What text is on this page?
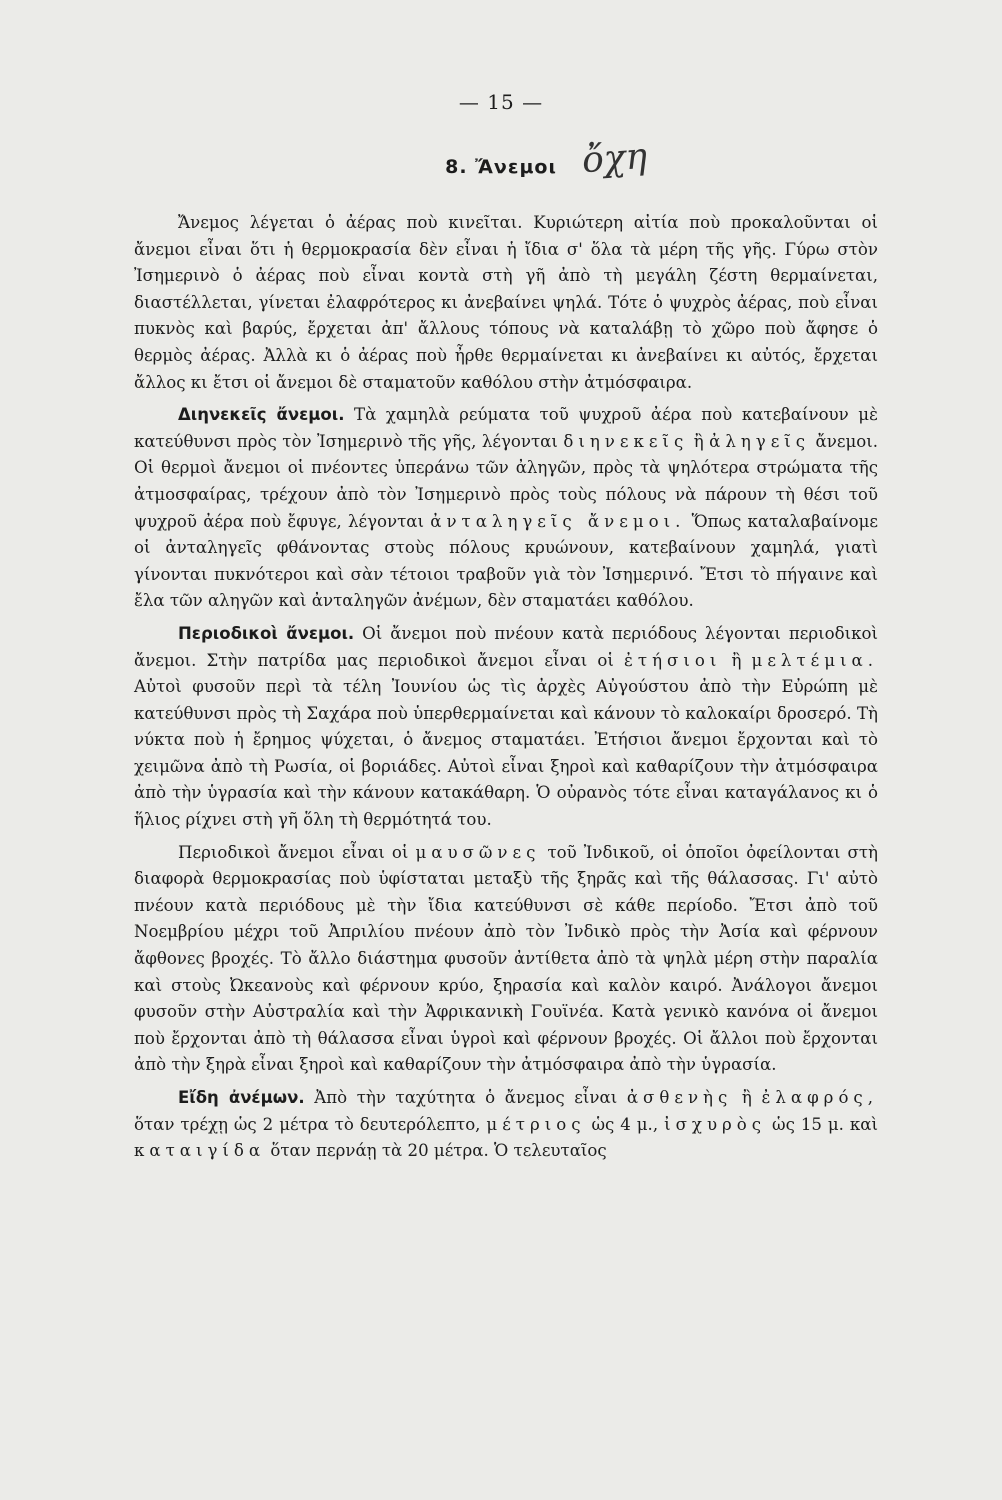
— 15 —
8. Ἄνεμοι ὄχη

Ἄνεμος λέγεται ὁ ἀέρας ποὺ κινεῖται. Κυριώτερη αἰτία ποὺ προκαλοῦνται οἱ ἄνεμοι εἶναι ὅτι ἡ θερμοκρασία δὲν εἶναι ἡ ἴδια σ' ὅλα τὰ μέρη τῆς γῆς. Γύρω στὸν Ἰσημερινὸ ὁ ἀέρας ποὺ εἶναι κοντὰ στὴ γῆ ἀπὸ τὴ μεγάλη ζέστη θερμαίνεται, διαστέλλεται, γίνεται ἐλαφρότερος κι ἀνεβαίνει ψηλά. Τότε ὁ ψυχρὸς ἀέρας, ποὺ εἶναι πυκνὸς καὶ βαρύς, ἔρχεται ἀπ' ἄλλους τόπους νὰ καταλάβῃ τὸ χῶρο ποὺ ἄφησε ὁ θερμὸς ἀέρας. Ἀλλὰ κι ὁ ἀέρας ποὺ ἦρθε θερμαίνεται κι ἀνεβαίνει κι αὐτός, ἔρχεται ἄλλος κι ἔτσι οἱ ἄνεμοι δὲ σταματοῦν καθόλου στὴν ἀτμόσφαιρα.

Διηνεκεῖς ἄνεμοι. Τὰ χαμηλὰ ρεύματα τοῦ ψυχροῦ ἀέρα ποὺ κατεβαίνουν μὲ κατεύθυνσι πρὸς τὸν Ἰσημερινὸ τῆς γῆς, λέγονται διηνεκεῖς ἢ ἀληγεῖς ἄνεμοι. Οἱ θερμοὶ ἄνεμοι οἱ πνέοντες ὑπεράνω τῶν ἀληγῶν, πρὸς τὰ ψηλότερα στρώματα τῆς ἀτμοσφαίρας, τρέχουν ἀπὸ τὸν Ἰσημερινὸ πρὸς τοὺς πόλους νὰ πάρουν τὴ θέσι τοῦ ψυχροῦ ἀέρα ποὺ ἔφυγε, λέγονται ἀνταληγεῖς ἄνεμοι. Ὅπως καταλαβαίνομε οἱ ἀνταληγεῖς φθάνοντας στοὺς πόλους κρυώνουν, κατεβαίνουν χαμηλά, γιατὶ γίνονται πυκνότεροι καὶ σὰν τέτοιοι τραβοῦν γιὰ τὸν Ἰσημερινό. Ἔτσι τὸ πήγαινε καὶ ἔλα τῶν αληγῶν καὶ ἀνταληγῶν ἀνέμων, δὲν σταματάει καθόλου.

Περιοδικοὶ ἄνεμοι. Οἱ ἄνεμοι ποὺ πνέουν κατὰ περιόδους λέγονται περιοδικοὶ ἄνεμοι. Στὴν πατρίδα μας περιοδικοὶ ἄνεμοι εἶναι οἱ ἐτήσιοι ἢ μελτέμια. Αὐτοὶ φυσοῦν περὶ τὰ τέλη Ἰουνίου ὡς τὶς ἀρχὲς Αὐγούστου ἀπὸ τὴν Εὐρώπη μὲ κατεύθυνσι πρὸς τὴ Σαχάρα ποὺ ὑπερθερμαίνεται καὶ κάνουν τὸ καλοκαίρι δροσερό. Τὴ νύκτα ποὺ ἡ ἔρημος ψύχεται, ὁ ἄνεμος σταματάει. Ἐτήσιοι ἄνεμοι ἔρχονται καὶ τὸ χειμῶνα ἀπὸ τὴ Ρωσία, οἱ βοριάδες. Αὐτοὶ εἶναι ξηροὶ καὶ καθαρίζουν τὴν ἀτμόσφαιρα ἀπὸ τὴν ὑγρασία καὶ τὴν κάνουν κατακάθαρη. Ὁ οὐρανὸς τότε εἶναι καταγάλανος κι ὁ ἥλιος ρίχνει στὴ γῆ ὅλη τὴ θερμότητά του.

Περιοδικοὶ ἄνεμοι εἶναι οἱ μαυσῶνες τοῦ Ἰνδικοῦ, οἱ ὁποῖοι ὀφείλονται στὴ διαφορὰ θερμοκρασίας ποὺ ὑφίσταται μεταξὺ τῆς ξηρᾶς καὶ τῆς θάλασσας. Γι' αὐτὸ πνέουν κατὰ περιόδους μὲ τὴν ἴδια κατεύθυνσι σὲ κάθε περίοδο. Ἔτσι ἀπὸ τοῦ Νοεμβρίου μέχρι τοῦ Ἀπριλίου πνέουν ἀπὸ τὸν Ἰνδικὸ πρὸς τὴν Ἀσία καὶ φέρνουν ἄφθονες βροχές. Τὸ ἄλλο διάστημα φυσοῦν ἀντίθετα ἀπὸ τὰ ψηλὰ μέρη στὴν παραλία καὶ στοὺς Ὠκεανοὺς καὶ φέρνουν κρύο, ξηρασία καὶ καλὸν καιρό. Ἀνάλογοι ἄνεμοι φυσοῦν στὴν Αὐστραλία καὶ τὴν Ἀφρικανικὴ Γουϊνέα. Κατὰ γενικὸ κανόνα οἱ ἄνεμοι ποὺ ἔρχονται ἀπὸ τὴ θάλασσα εἶναι ὑγροὶ καὶ φέρνουν βροχές. Οἱ ἄλλοι ποὺ ἔρχονται ἀπὸ τὴν ξηρὰ εἶναι ξηροὶ καὶ καθαρίζουν τὴν ἀτμόσφαιρα ἀπὸ τὴν ὑγρασία.

Εἴδη ἀνέμων. Ἀπὸ τὴν ταχύτητα ὁ ἄνεμος εἶναι ἀσθενὴς ἢ ἐλαφρός, ὅταν τρέχῃ ὡς 2 μέτρα τὸ δευτερόλεπτο, μέτριος ὡς 4 μ., ἰσχυρὸς ὡς 15 μ. καὶ καταιγίδα ὅταν περνάῃ τὰ 20 μέτρα. Ὁ τελευταῖος
